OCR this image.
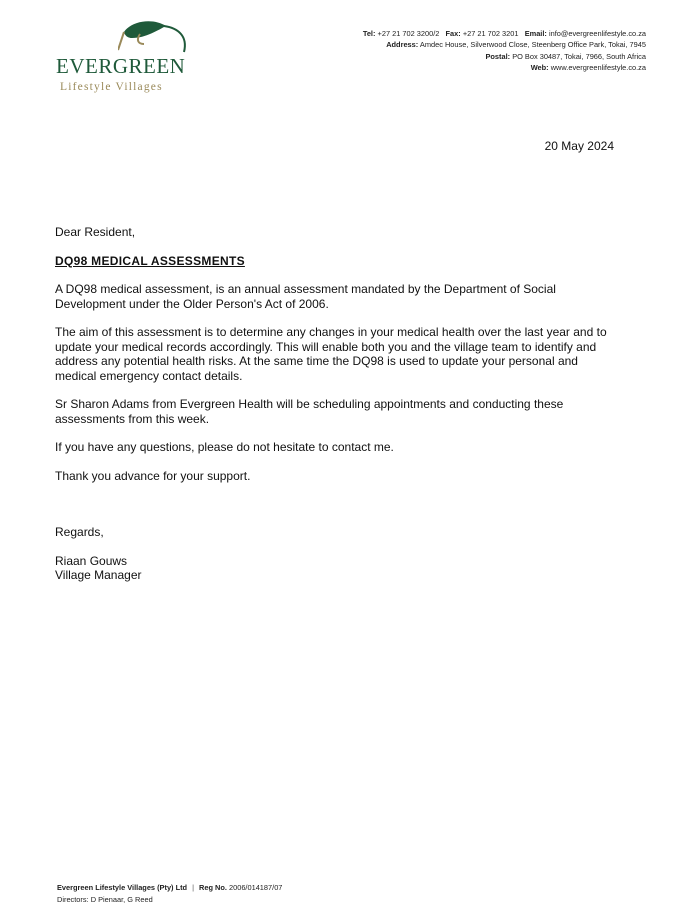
EVERGREEN
Lifestyle Villages
Tel: +27 21 702 3200/2 Fax: +27 21 702 3201 Email: info@evergreenlifestyle.co.za
Address: Amdec House, Silverwood Close, Steenberg Office Park, Tokai, 7945
Postal: PO Box 30487, Tokai, 7966, South Africa
Web: www.evergreenlifestyle.co.za
20 May 2024

Dear Resident,

DQ98 MEDICAL ASSESSMENTS

A DQ98 medical assessment, is an annual assessment mandated by the Department of Social Development under the Older Person's Act of 2006.

The aim of this assessment is to determine any changes in your medical health over the last year and to update your medical records accordingly. This will enable both you and the village team to identify and address any potential health risks. At the same time the DQ98 is used to update your personal and medical emergency contact details.

Sr Sharon Adams from Evergreen Health will be scheduling appointments and conducting these assessments from this week.

If you have any questions, please do not hesitate to contact me.

Thank you advance for your support.

Regards,

Riaan Gouws

Village Manager

Evergreen Lifestyle Villages (Pty) Ltd | Reg No. 2006/014187/07
Directors: D Pienaar, G Reed
